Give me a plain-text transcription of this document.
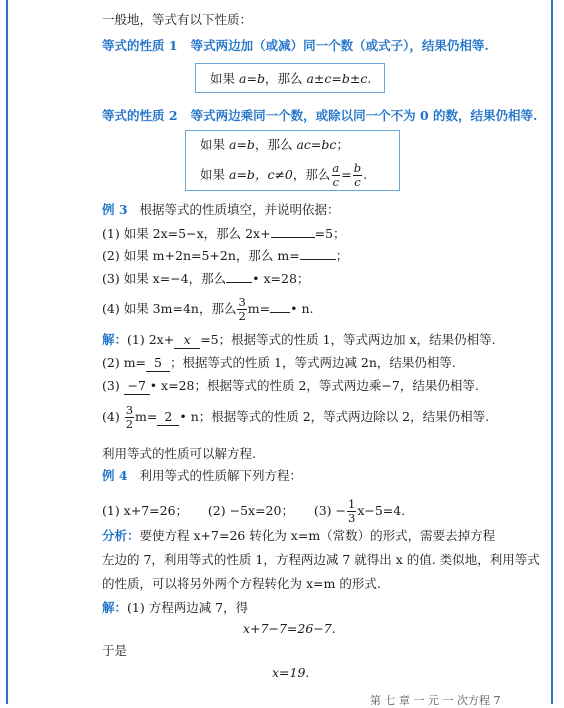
一般地，等式有以下性质：
等式的性质 1 等式两边加（或减）同一个数（或式子），结果仍相等.
如果 a=b，那么 a±c=b±c.
等式的性质 2 等式两边乘同一个数，或除以同一个不为 0 的数，结果仍相等.
如果 a=b，那么 ac=bc；
如果 a=b，c≠0，那么 $\frac{a}{c} = \frac{b}{c}$ .
例 3 根据等式的性质填空，并说明依据：
(1) 如果 2x=5−x，那么 2x+	=5；
(2) 如果 m+2n=5+2n，那么 m=	；
(3) 如果 x=−4，那么 • x=28；
(4) 如果 3m=4n，那么 $\frac{3}{2} m=$ • n.
解：(1) 2x+ x =5；根据等式的性质 1，等式两边加 x，结果仍相等.
(2) m= 5 ；根据等式的性质 1，等式两边减 2n，结果仍相等.
(3) −7 • x=28；根据等式的性质 2，等式两边乘−7，结果仍相等.
$(4) \frac{3}{2} m= 2$ • n；根据等式的性质 2，等式两边除以 2，结果仍相等.
利用等式的性质可以解方程.
例 4 利用等式的性质解下列方程：
(1) x+7=26； (2) −5x=20； $(3) - \frac{1}{3} x-5=4$.
分析：要使方程 x+7=26 转化为 x=m（常数）的形式，需要去掉方程
左边的 7，利用等式的性质 1，方程两边减 7 就得出 x 的值. 类似地，利用等式
的性质，可以将另外两个方程转化为 x=m 的形式.
解：(1) 方程两边减 7，得
x+7−7=26−7.
于是
x=19.
第 七 章 一 元 一 次方程 7
